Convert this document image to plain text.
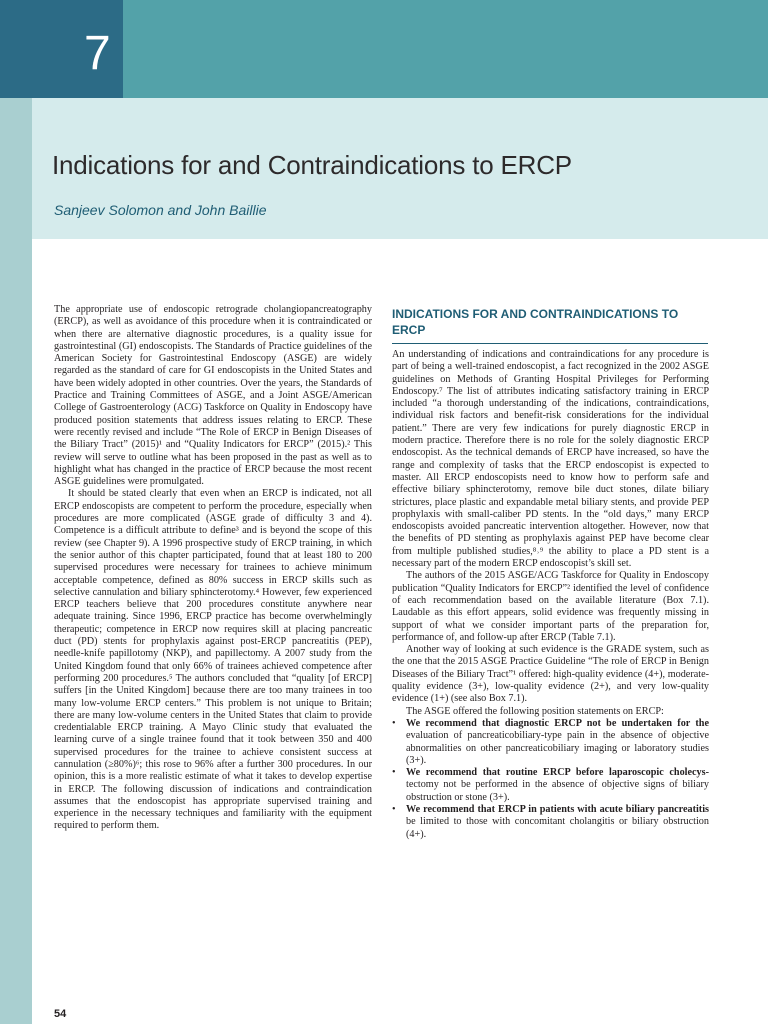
7
Indications for and Contraindications to ERCP
Sanjeev Solomon and John Baillie

The appropriate use of endoscopic retrograde cholangiopancreatography (ERCP), as well as avoidance of this procedure when it is contraindicated or when there are alternative diagnostic procedures, is a quality issue for gastrointestinal (GI) endoscopists. The Standards of Practice guidelines of the American Society for Gastrointestinal Endoscopy (ASGE) are widely regarded as the standard of care for GI endoscopists in the United States and have been widely adopted in other countries. Over the years, the Standards of Practice and Training Committees of ASGE, and a Joint ASGE/American College of Gastroenterology (ACG) Taskforce on Quality in Endoscopy have produced position statements that address issues relating to ERCP. These were recently revised and include “The Role of ERCP in Benign Diseases of the Biliary Tract” (2015)¹ and “Quality Indicators for ERCP” (2015).² This review will serve to outline what has been proposed in the past as well as to highlight what has changed in the practice of ERCP because the most recent ASGE guidelines were promulgated.

It should be stated clearly that even when an ERCP is indicated, not all ERCP endoscopists are competent to perform the procedure, especially when procedures are more complicated (ASGE grade of difficulty 3 and 4). Competence is a difficult attribute to define³ and is beyond the scope of this review (see Chapter 9). A 1996 prospective study of ERCP training, in which the senior author of this chapter participated, found that at least 180 to 200 supervised procedures were necessary for trainees to achieve minimum acceptable competence, defined as 80% success in ERCP skills such as selective cannulation and biliary sphincterotomy.⁴ However, few experienced ERCP teachers believe that 200 procedures constitute anywhere near adequate training. Since 1996, ERCP practice has become overwhelmingly therapeutic; competence in ERCP now requires skill at placing pancreatic duct (PD) stents for prophylaxis against post-ERCP pancreatitis (PEP), needle-knife papillotomy (NKP), and papillectomy. A 2007 study from the United Kingdom found that only 66% of trainees achieved competence after performing 200 procedures.⁵ The authors concluded that “quality [of ERCP] suffers [in the United Kingdom] because there are too many trainees in too many low-volume ERCP centers.” This problem is not unique to Britain; there are many low-volume centers in the United States that claim to provide credentialable ERCP training. A Mayo Clinic study that evaluated the learning curve of a single trainee found that it took between 350 and 400 supervised procedures for the trainee to achieve consistent success at cannulation (≥80%)⁶; this rose to 96% after a further 300 procedures. In our opinion, this is a more realistic estimate of what it takes to develop expertise in ERCP. The following discussion of indications and contraindication assumes that the endoscopist has appropriate supervised training and experience in the necessary techniques and familiarity with the equipment required to perform them.

INDICATIONS FOR AND CONTRAINDICATIONS TO ERCP

An understanding of indications and contraindications for any procedure is part of being a well-trained endoscopist, a fact recognized in the 2002 ASGE guidelines on Methods of Granting Hospital Privileges for Performing Endoscopy.⁷ The list of attributes indicating satisfactory training in ERCP included “a thorough understanding of the indications, contraindications, individual risk factors and benefit-risk considerations for the individual patient.” There are very few indications for purely diagnostic ERCP in modern practice. Therefore there is no role for the solely diagnostic ERCP endoscopist. As the technical demands of ERCP have increased, so have the range and complexity of tasks that the ERCP endoscopist is expected to master. All ERCP endoscopists need to know how to perform safe and effective biliary sphincterotomy, remove bile duct stones, dilate biliary strictures, place plastic and expandable metal biliary stents, and provide PEP prophylaxis with small-caliber PD stents. In the “old days,” many ERCP endoscopists avoided pancreatic intervention altogether. However, now that the benefits of PD stenting as prophylaxis against PEP have become clear from multiple published studies,⁸˒⁹ the ability to place a PD stent is a necessary part of the modern ERCP endoscopist’s skill set.

The authors of the 2015 ASGE/ACG Taskforce for Quality in Endoscopy publication “Quality Indicators for ERCP”² identified the level of confidence of each recommendation based on the available literature (Box 7.1). Laudable as this effort appears, solid evidence was frequently missing in support of what we consider important parts of the preparation for, performance of, and follow-up after ERCP (Table 7.1).

Another way of looking at such evidence is the GRADE system, such as the one that the 2015 ASGE Practice Guideline “The role of ERCP in Benign Diseases of the Biliary Tract”¹ offered: high-quality evidence (4+), moderate-quality evidence (3+), low-quality evidence (2+), and very low-quality evidence (1+) (see also Box 7.1).

The ASGE offered the following position statements on ERCP:

• We recommend that diagnostic ERCP not be undertaken for the evaluation of pancreaticobiliary-type pain in the absence of objective abnormalities on other pancreaticobiliary imaging or laboratory studies (3+).
• We recommend that routine ERCP before laparoscopic cholecys-tectomy not be performed in the absence of objective signs of biliary obstruction or stone (3+).
• We recommend that ERCP in patients with acute biliary pancreatitis be limited to those with concomitant cholangitis or biliary obstruction (4+).
54
